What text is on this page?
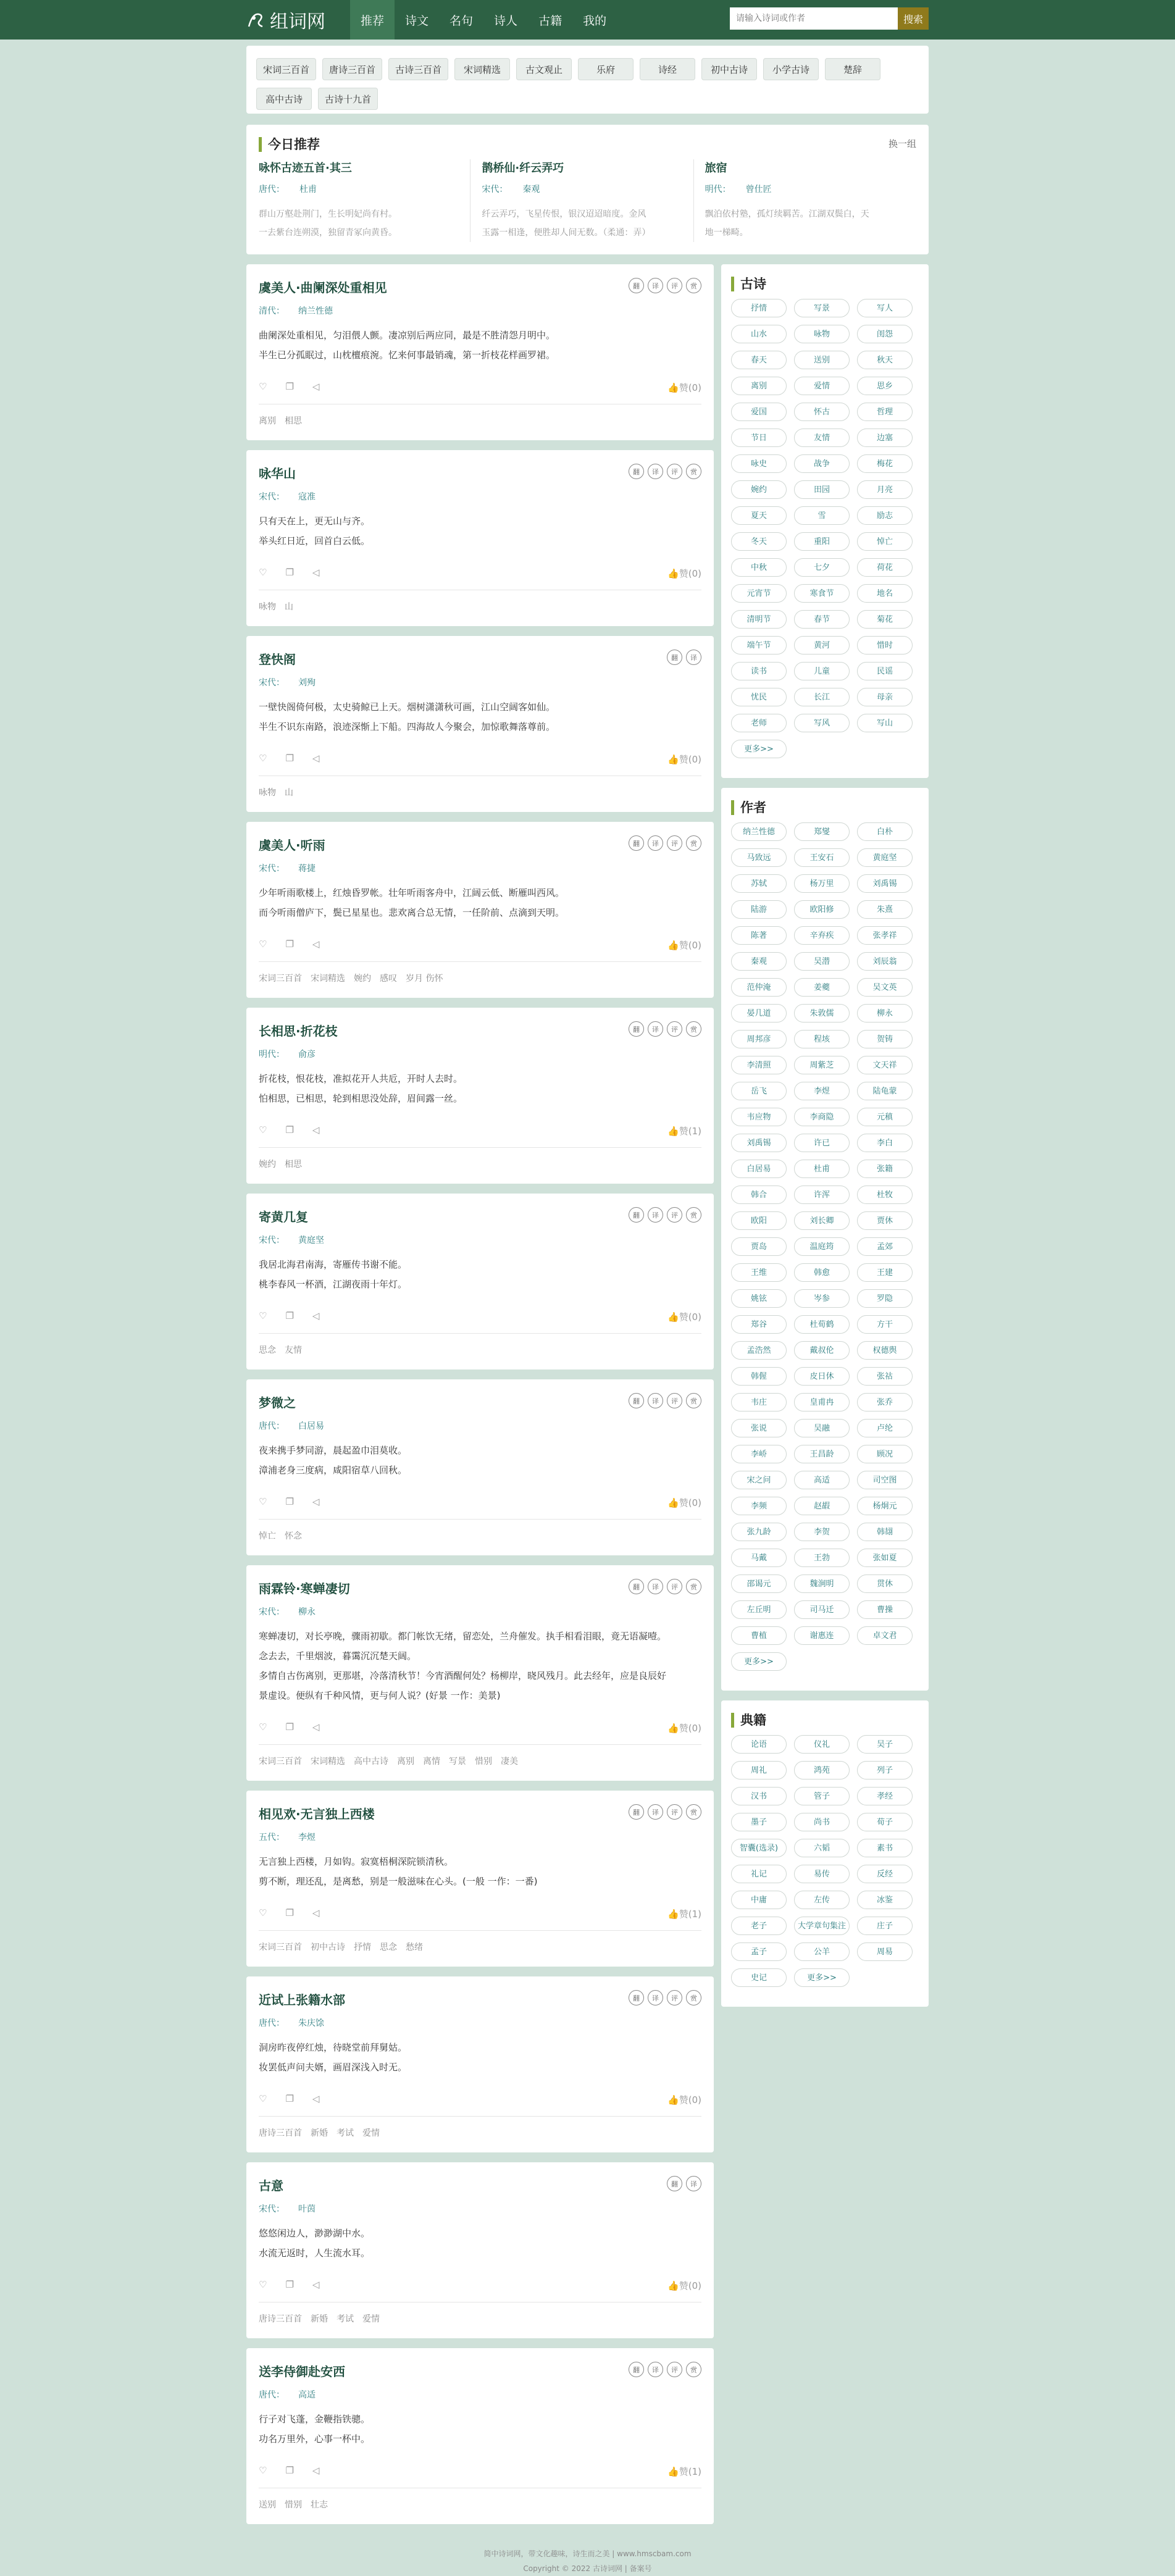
组词网	推荐	诗文	名句	诗人	古籍	我的
请输入诗词或作者	搜索
宋词三百首 唐诗三百首 古诗三百首 宋词精选	古文观止	乐府	诗经	初中古诗	小学古诗	楚辞高中古诗 古诗十九首
今日推荐	换一组
咏怀古迹五首·其三
唐代： 杜甫
群山万壑赴荆门，生长明妃尚有村。
一去紫台连朔漠，独留青冢向黄昏。
鹊桥仙·纤云弄巧
宋代： 秦观
纤云弄巧，飞星传恨，银汉迢迢暗度。金风
玉露一相逢，便胜却人间无数。（柔通：弄）
旅宿
明代： 曾仕匠
飘泊依村塾，孤灯续羁苦。江湖双鬓白，天
地一梯畸。
虞美人·曲阑深处重相见	翻	译	评	赏
清代： 纳兰性德
曲阑深处重相见，匀泪偎人颤。凄凉别后两应同，最是不胜清怨月明中。
半生已分孤眠过，山枕檀痕涴。忆来何事最销魂，第一折枝花样画罗裙。
♡ ❐ ◁	👍赞(0)
离别 相思
咏华山	翻	译	评	赏
宋代： 寇准
只有天在上，更无山与齐。
举头红日近，回首白云低。
♡ ❐ ◁	👍赞(0)
咏物 山
登快阁	翻	译
宋代： 刘殉
一壁快阁倚何极，太史骑鲸已上天。烟树潇潇秋可画，江山空阔客如仙。
半生不识东南路，浪迹深惭上下船。四海故人今聚会，加惊歌舞落尊前。
♡ ❐ ◁	👍赞(0)
咏物 山
虞美人·听雨	翻	译	评	赏
宋代： 蒋捷
少年听雨歌楼上，红烛昏罗帐。壮年听雨客舟中，江阔云低、断雁叫西风。
而今听雨僧庐下，鬓已星星也。悲欢离合总无情，一任阶前、点滴到天明。
♡ ❐ ◁	👍赞(0)
宋词三百首 宋词精选 婉约 感叹 岁月 伤怀
长相思·折花枝	翻	译	评	赏
明代： 俞彦
折花枝，恨花枝，准拟花开人共卮，开时人去时。
怕相思，已相思，轮到相思没处辞，眉间露一丝。
♡ ❐ ◁	👍赞(1)
婉约 相思
寄黄几复	翻	译	评	赏
宋代： 黄庭坚
我居北海君南海，寄雁传书谢不能。
桃李春风一杯酒，江湖夜雨十年灯。
♡ ❐ ◁	👍赞(0)
思念 友情
梦微之	翻	译	评	赏
唐代： 白居易
夜来携手梦同游，晨起盈巾泪莫收。
漳浦老身三度病，咸阳宿草八回秋。
♡ ❐ ◁	👍赞(0)
悼亡 怀念
雨霖铃·寒蝉凄切	翻	译	评	赏
宋代： 柳永
寒蝉凄切，对长亭晚，骤雨初歇。都门帐饮无绪，留恋处，兰舟催发。执手相看泪眼，竟无语凝噎。
念去去，千里烟波，暮霭沉沉楚天阔。
多情自古伤离别，更那堪，冷落清秋节！今宵酒醒何处？杨柳岸，晓风残月。此去经年，应是良辰好
景虚设。便纵有千种风情，更与何人说？(好景 一作：美景)
♡ ❐ ◁	👍赞(0)
宋词三百首 宋词精选 高中古诗 离别 离情 写景 惜别 凄美
相见欢·无言独上西楼	翻	译	评	赏
五代： 李煜
无言独上西楼，月如钩。寂寞梧桐深院锁清秋。
剪不断，理还乱，是离愁，别是一般滋味在心头。(一般 一作：一番)
♡ ❐ ◁	👍赞(1)
宋词三百首 初中古诗 抒情 思念 愁绪
近试上张籍水部	翻	译	评	赏
唐代： 朱庆馀
洞房昨夜停红烛，待晓堂前拜舅姑。
妆罢低声问夫婿，画眉深浅入时无。
♡ ❐ ◁	👍赞(0)
唐诗三百首 新婚 考试 爱情
古意	翻	译
宋代： 叶茵
悠悠闲边人，渺渺湖中水。
水流无返时，人生流水耳。
♡ ❐ ◁	👍赞(0)
唐诗三百首 新婚 考试 爱情
送李侍御赴安西	翻	译	评	赏
唐代： 高适
行子对飞蓬，金鞭指铁骢。
功名万里外，心事一杯中。
♡ ❐ ◁	👍赞(1)
送别 惜别 壮志
古诗
抒情	写景	写人
山水	咏物	闺怨
春天	送别	秋天
离别	爱情	思乡
爱国	怀古	哲理
节日	友情	边塞
咏史	战争	梅花
婉约	田园	月亮
夏天	雪	励志
冬天	重阳	悼亡
中秋	七夕	荷花
元宵节	寒食节	地名
清明节	春节	菊花
端午节	黄河	惜时
读书	儿童	民谣
忧民	长江	母亲
老师	写风	写山
更多>>
作者
纳兰性德	郑燮	白朴
马致远	王安石	黄庭坚
苏轼	杨万里	刘禹锡
陆游	欧阳修	朱熹
陈著	辛弃疾	张孝祥
秦观	吴潜	刘辰翁
范仲淹	姜夔	吴文英
晏几道	朱敦儒	柳永
周邦彦	程垓	贺铸
李清照	周紫芝	文天祥
岳飞	李煜	陆龟蒙
韦应物	李商隐	元稹
刘禹锡	许已	李白
白居易	杜甫	张籍
韩合	许浑	杜牧
欧阳	刘长卿	贾休
贾岛	温庭筠	孟郊
王维	韩愈	王建
姚铉	岑参	罗隐
郑谷	杜荀鹤	方干
孟浩然	戴叔伦	权德舆
韩偓	皮日休	张祜
韦庄	皇甫冉	张乔
张说	吴融	卢纶
李峤	王昌龄	顾况
宋之问	高适	司空图
李频	赵嘏	杨炯元
张九龄	李贺	韩翃
马戴	王勃	张如夏
邵谒元	魏涧明	贯休
左丘明	司马迁	曹操
曹植	谢惠连	卓文君
更多>>
典籍
论语	仪礼	吴子
周礼	鸿苑	列子
汉书	管子	孝经
墨子	尚书	荀子
智囊(选录)	六韬	素书
礼记	易传	反经
中庸	左传	冰鉴
老子	大学章句集注	庄子
孟子	公羊	周易
史记	更多>>
简中诗词网，带文化趣味，诗生而之美 | www.hmscbam.com
Copyright © 2022 古诗词网 | 备案号
